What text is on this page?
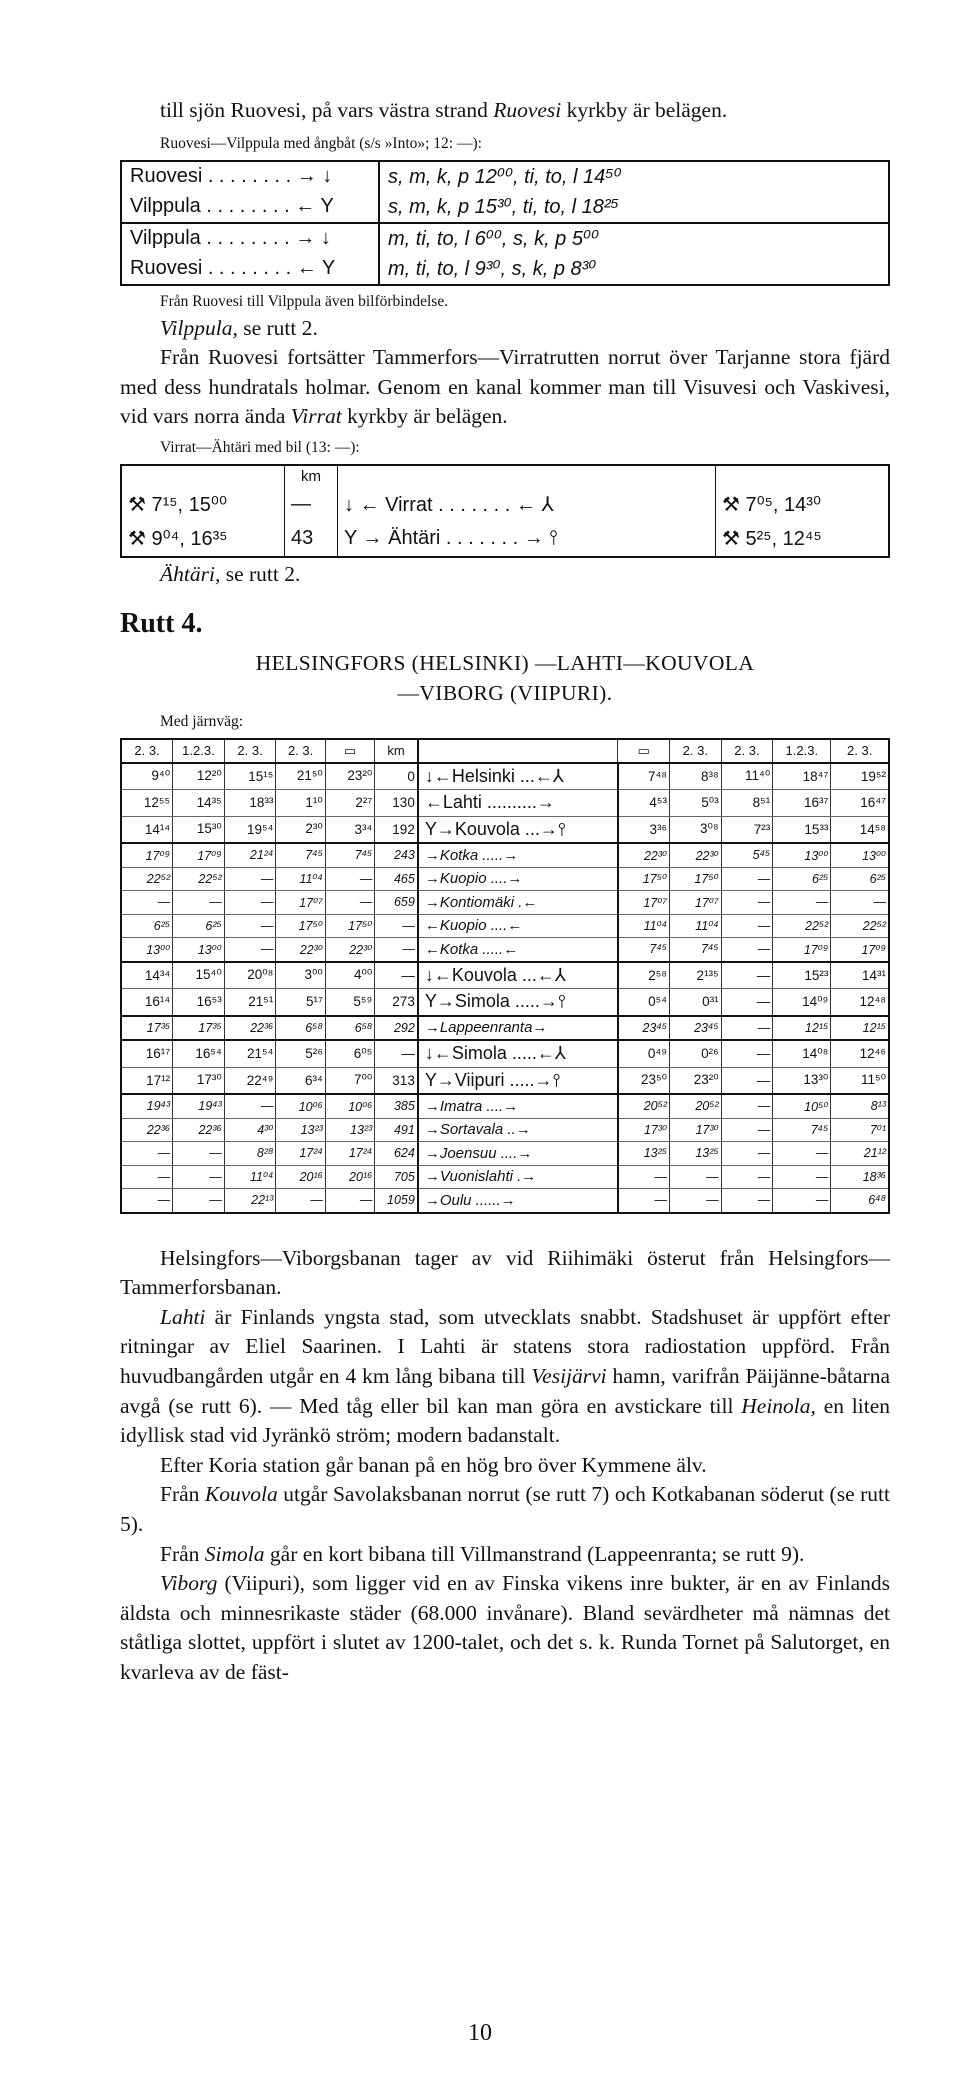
till sjön Ruovesi, på vars västra strand Ruovesi kyrkby är belägen.

Ruovesi—Vilppula med ångbåt (s/s »Into»; 12: —):
Ruovesi . . . . . . . . → ↓	s, m, k, p 12⁰⁰, ti, to, l 14⁵⁰
Vilppula . . . . . . . . ← Y	s, m, k, p 15³⁰, ti, to, l 18²⁵
Vilppula . . . . . . . . → ↓	m, ti, to, l 6⁰⁰, s, k, p 5⁰⁰
Ruovesi . . . . . . . . ← Y	m, ti, to, l 9³⁰, s, k, p 8³⁰
Från Ruovesi till Vilppula även bilförbindelse.

Vilppula, se rutt 2.

Från Ruovesi fortsätter Tammerfors—Virratrutten norrut över Tarjanne stora fjärd med dess hundratals holmar. Genom en kanal kommer man till Visuvesi och Vaskivesi, vid vars norra ända Virrat kyrkby är belägen.

Virrat—Ähtäri med bil (13: —):
	km		
⚒ 7¹⁵, 15⁰⁰	—	↓ ← Virrat . . . . . . . ← ⅄	⚒ 7⁰⁵, 14³⁰
⚒ 9⁰⁴, 16³⁵	43	Y → Ähtäri . . . . . . . → ⫯	⚒ 5²⁵, 12⁴⁵

Ähtäri, se rutt 2.

Rutt 4.
HELSINGFORS (HELSINKI) —LAHTI—KOUVOLA
—VIBORG (VIIPURI).
Med järnväg:
2. 3.	1.2.3.	2. 3.	2. 3.	▭	km		▭	2. 3.	2. 3.	1.2.3.	2. 3.
9⁴⁰	12²⁰	15¹⁵	21⁵⁰	23²⁰	0	↓←Helsinki ...←⅄	7⁴⁸	8³⁸	11⁴⁰	18⁴⁷	19⁵²
12⁵⁵	14³⁵	18³³	1¹⁰	2²⁷	130	←Lahti ..........→	4⁵³	5⁰³	8⁵¹	16³⁷	16⁴⁷
14¹⁴	15³⁰	19⁵⁴	2³⁰	3³⁴	192	Y→Kouvola ...→⫯	3³⁶	3⁰⁸	7²³	15³³	14⁵⁸
17⁰⁹	17⁰⁹	21²⁴	7⁴⁵	7⁴⁵	243	→Kotka .....→	22³⁰	22³⁰	5⁴⁵	13⁰⁰	13⁰⁰
22⁵²	22⁵²	—	11⁰⁴	—	465	→Kuopio ....→	17⁵⁰	17⁵⁰	—	6²⁵	6²⁵
—	—	—	17⁰⁷	—	659	→Kontiomäki .←	17⁰⁷	17⁰⁷	—	—	—
6²⁵	6²⁵	—	17⁵⁰	17⁵⁰	—	←Kuopio ....←	11⁰⁴	11⁰⁴	—	22⁵²	22⁵²
13⁰⁰	13⁰⁰	—	22³⁰	22³⁰	—	←Kotka .....←	7⁴⁵	7⁴⁵	—	17⁰⁹	17⁰⁹
14³⁴	15⁴⁰	20⁰⁸	3⁰⁰	4⁰⁰	—	↓←Kouvola ...←⅄	2⁵⁸	2¹³⁵	—	15²³	14³¹
16¹⁴	16⁵³	21⁵¹	5¹⁷	5⁵⁹	273	Y→Simola .....→⫯	0⁵⁴	0³¹	—	14⁰⁹	12⁴⁸
17³⁵	17³⁵	22³⁶	6⁵⁸	6⁵⁸	292	→Lappeenranta→	23⁴⁵	23⁴⁵	—	12¹⁵	12¹⁵
16¹⁷	16⁵⁴	21⁵⁴	5²⁶	6⁰⁵	—	↓←Simola .....←⅄	0⁴⁹	0²⁶	—	14⁰⁸	12⁴⁶
17¹²	17³⁰	22⁴⁹	6³⁴	7⁰⁰	313	Y→Viipuri .....→⫯	23⁵⁰	23²⁰	—	13³⁰	11⁵⁰
19⁴³	19⁴³	—	10⁰⁶	10⁰⁶	385	→Imatra ....→	20⁵²	20⁵²	—	10⁵⁰	8¹³
22³⁶	22³⁶	4³⁰	13²³	13²³	491	→Sortavala ..→	17³⁰	17³⁰	—	7⁴⁵	7⁰¹
—	—	8²⁸	17²⁴	17²⁴	624	→Joensuu ....→	13²⁵	13²⁵	—	—	21¹²
—	—	11⁰⁴	20¹⁶	20¹⁶	705	→Vuonislahti .→	—	—	—	—	18³⁶
—	—	22¹³	—	—	1059	→Oulu ......→	—	—	—	—	6⁴⁸

Helsingfors—Viborgsbanan tager av vid Riihimäki österut från Helsingfors—Tammerforsbanan.

Lahti är Finlands yngsta stad, som utvecklats snabbt. Stadshuset är uppfört efter ritningar av Eliel Saarinen. I Lahti är statens stora radiostation uppförd. Från huvudbangården utgår en 4 km lång bibana till Vesijärvi hamn, varifrån Päijänne-båtarna avgå (se rutt 6). — Med tåg eller bil kan man göra en avstickare till Heinola, en liten idyllisk stad vid Jyränkö ström; modern badanstalt.

Efter Koria station går banan på en hög bro över Kymmene älv.

Från Kouvola utgår Savolaksbanan norrut (se rutt 7) och Kotkabanan söderut (se rutt 5).

Från Simola går en kort bibana till Villmanstrand (Lappeenranta; se rutt 9).

Viborg (Viipuri), som ligger vid en av Finska vikens inre bukter, är en av Finlands äldsta och minnesrikaste städer (68.000 invånare). Bland sevärdheter må nämnas det ståtliga slottet, uppfört i slutet av 1200-talet, och det s. k. Runda Tornet på Salutorget, en kvarleva av de fäst-

10
